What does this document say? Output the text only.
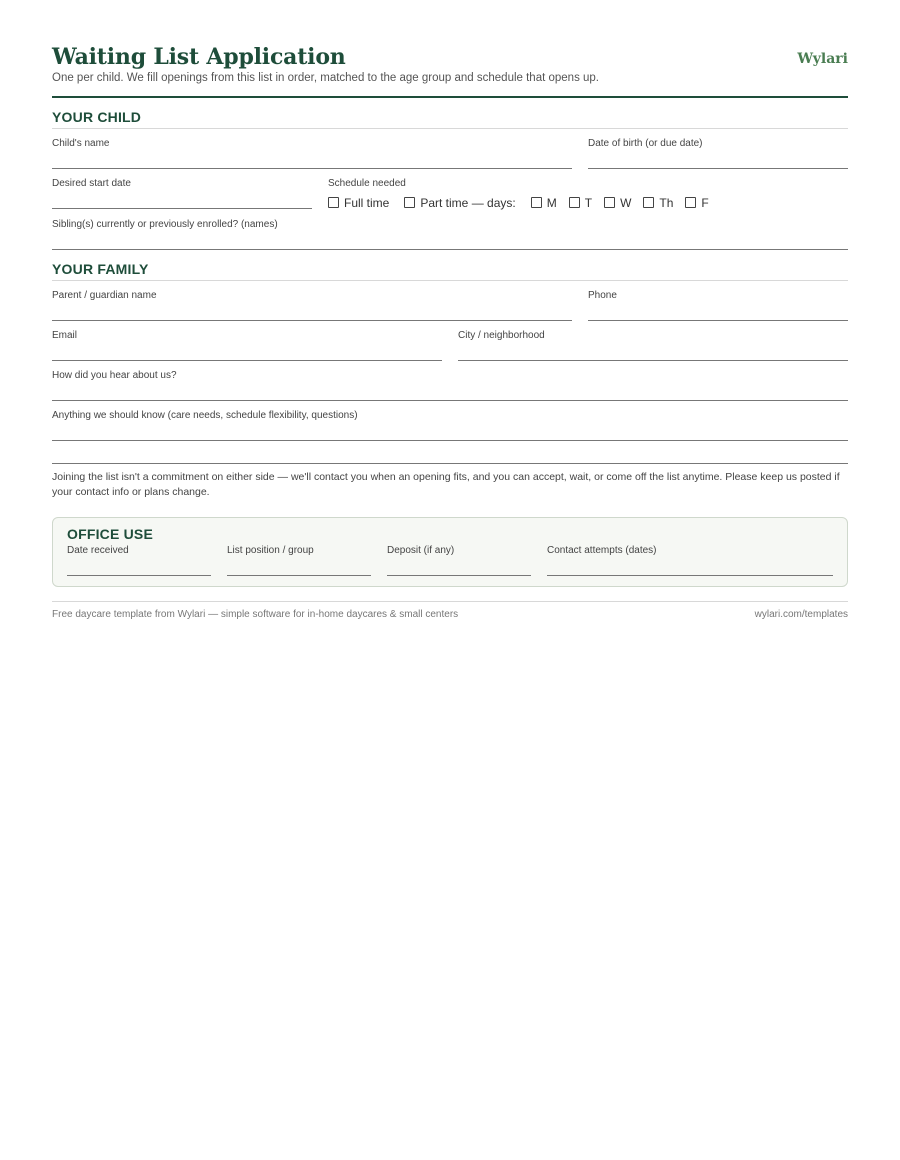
Waiting List Application
One per child. We fill openings from this list in order, matched to the age group and schedule that opens up.
Wylari
YOUR CHILD
Child's name	Date of birth (or due date)
Desired start date	Schedule needed
Full time	Part time — days:	M T W Th F
Sibling(s) currently or previously enrolled? (names)
YOUR FAMILY
Parent / guardian name	Phone
Email	City / neighborhood
How did you hear about us?
Anything we should know (care needs, schedule flexibility, questions)
Joining the list isn't a commitment on either side — we'll contact you when an opening fits, and you can accept, wait, or come off the list anytime. Please keep us posted if your contact info or plans change.
OFFICE USE
Date received	List position / group	Deposit (if any)	Contact attempts (dates)
Free daycare template from Wylari — simple software for in-home daycares & small centers	wylari.com/templates
